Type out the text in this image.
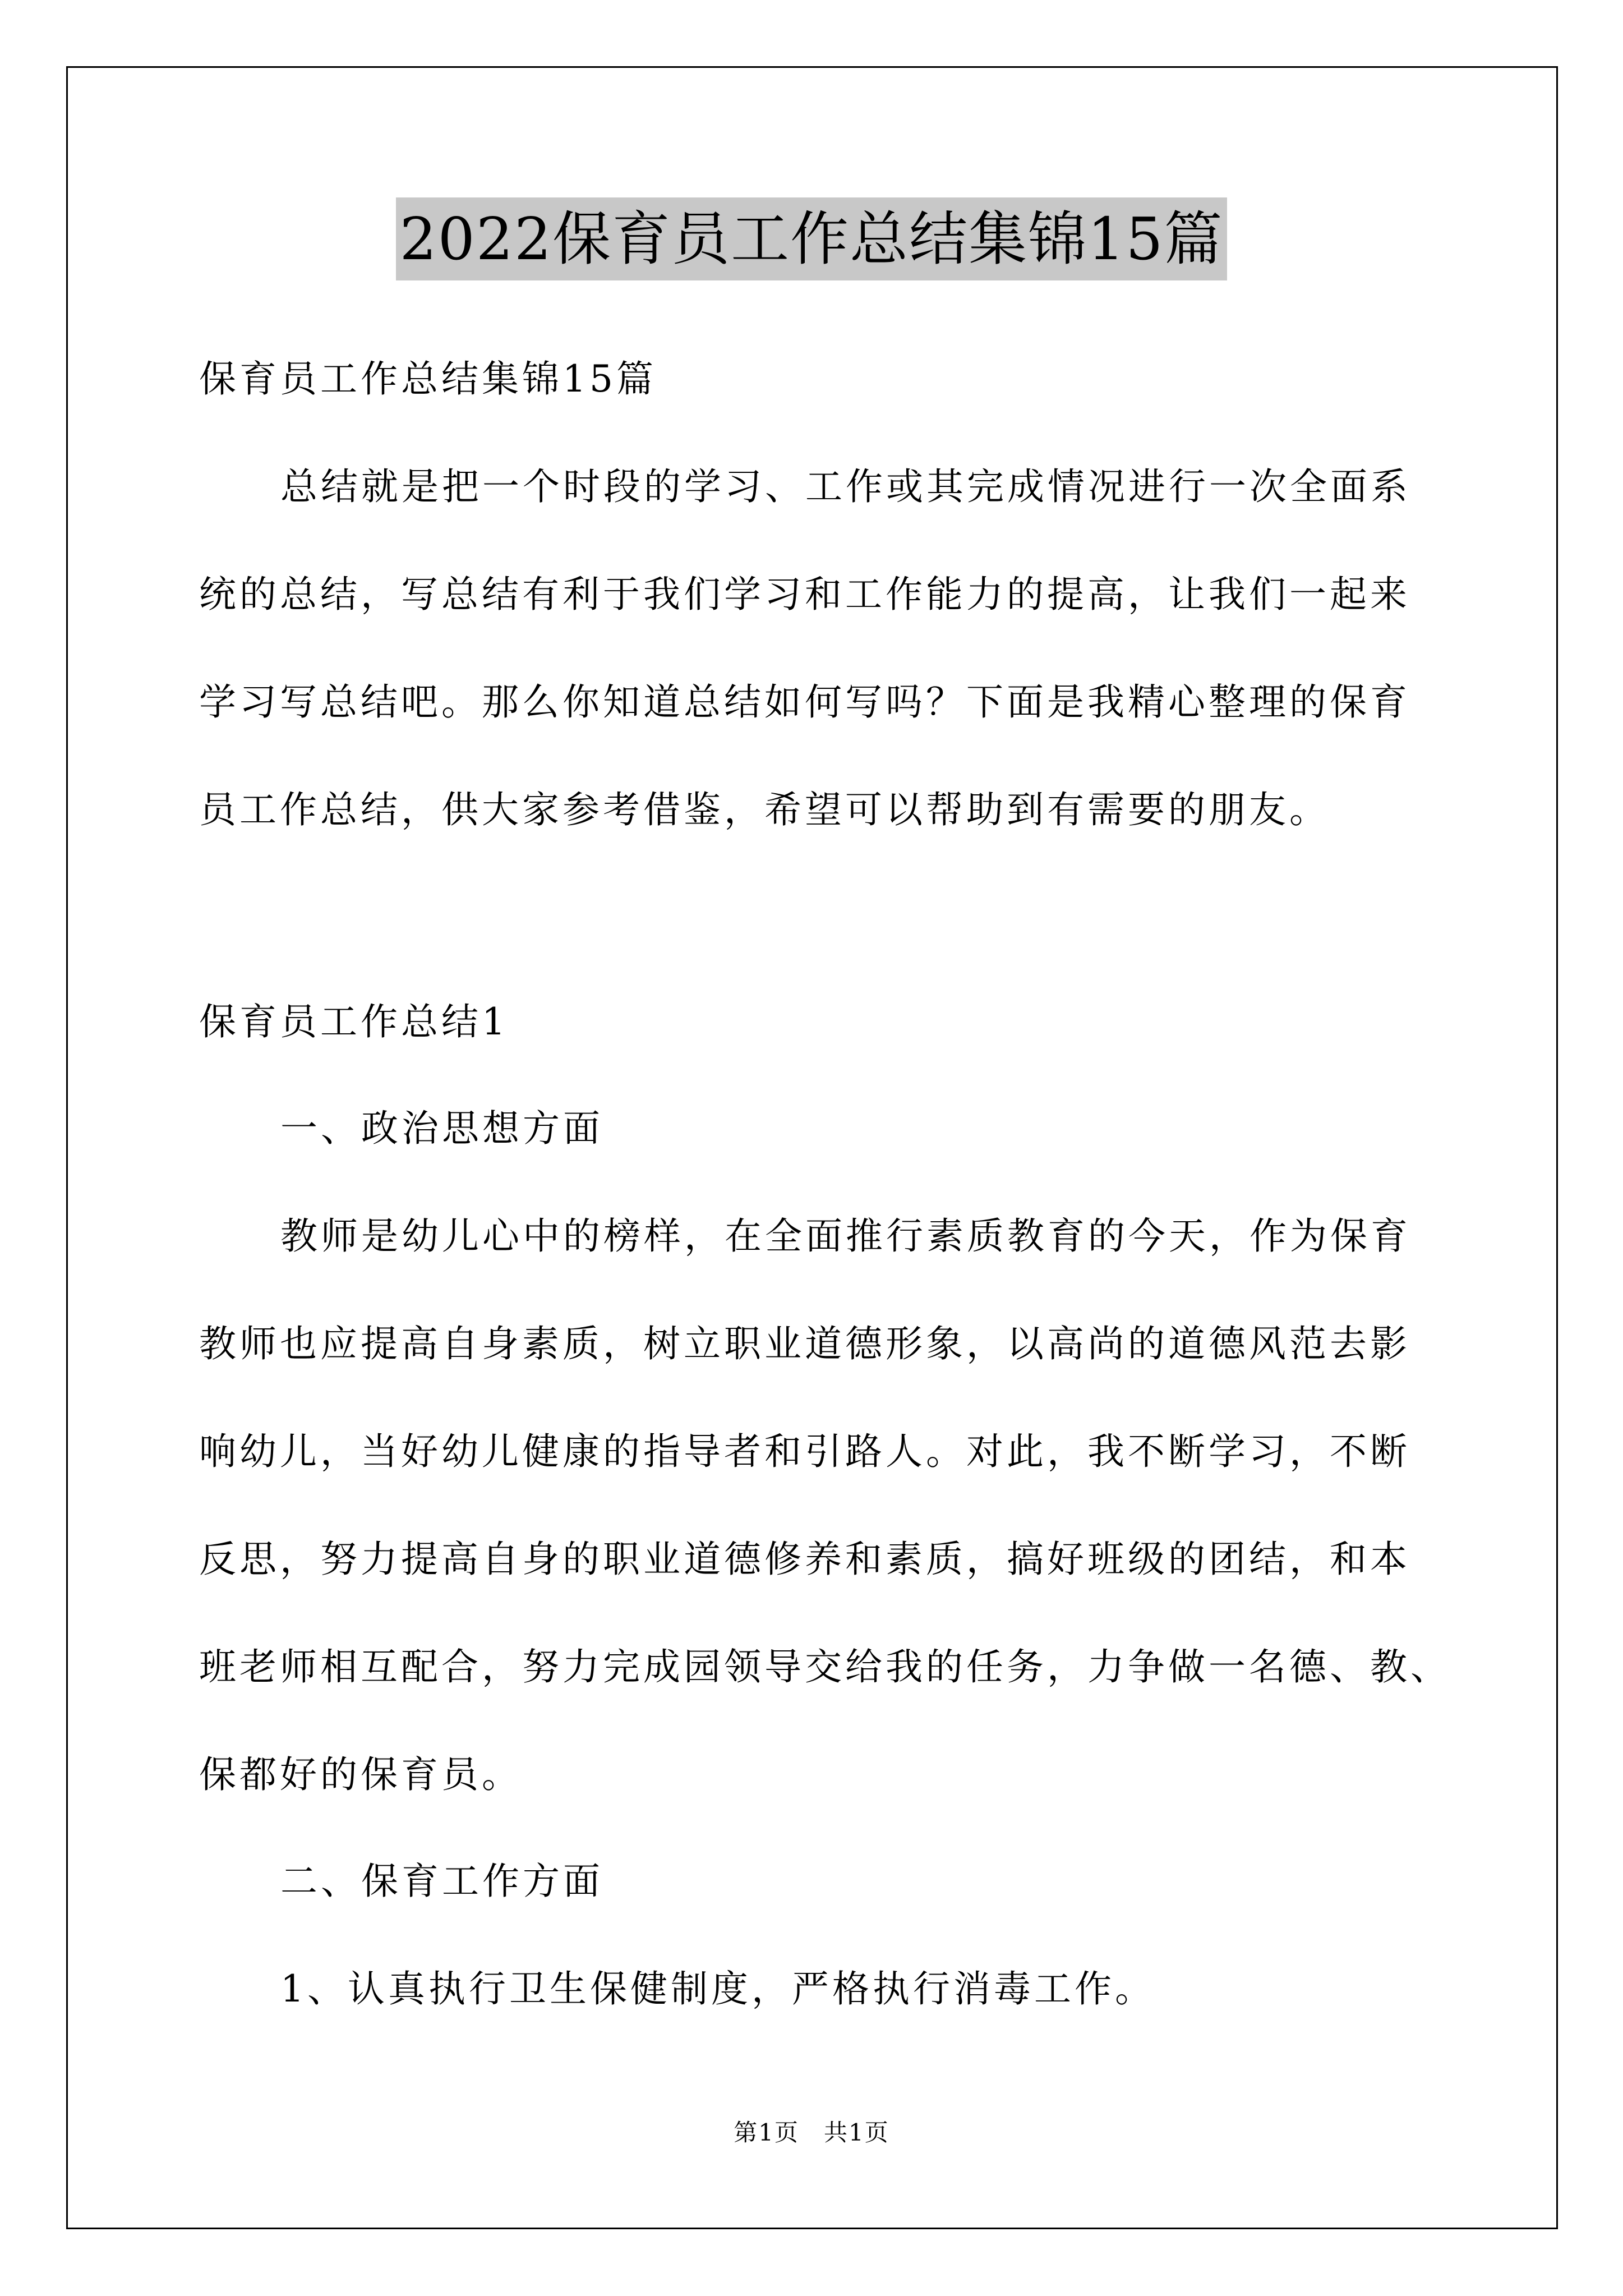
2022保育员工作总结集锦15篇
保育员工作总结集锦15篇
总结就是把一个时段的学习、工作或其完成情况进行一次全面系
统的总结，写总结有利于我们学习和工作能力的提高，让我们一起来
学习写总结吧。那么你知道总结如何写吗？下面是我精心整理的保育
员工作总结，供大家参考借鉴，希望可以帮助到有需要的朋友。
保育员工作总结1
一、政治思想方面
教师是幼儿心中的榜样，在全面推行素质教育的今天，作为保育
教师也应提高自身素质，树立职业道德形象，以高尚的道德风范去影
响幼儿，当好幼儿健康的指导者和引路人。对此，我不断学习，不断
反思，努力提高自身的职业道德修养和素质，搞好班级的团结，和本
班老师相互配合，努力完成园领导交给我的任务，力争做一名德、教、
保都好的保育员。
二、保育工作方面
1、认真执行卫生保健制度，严格执行消毒工作。
第1页　共1页
